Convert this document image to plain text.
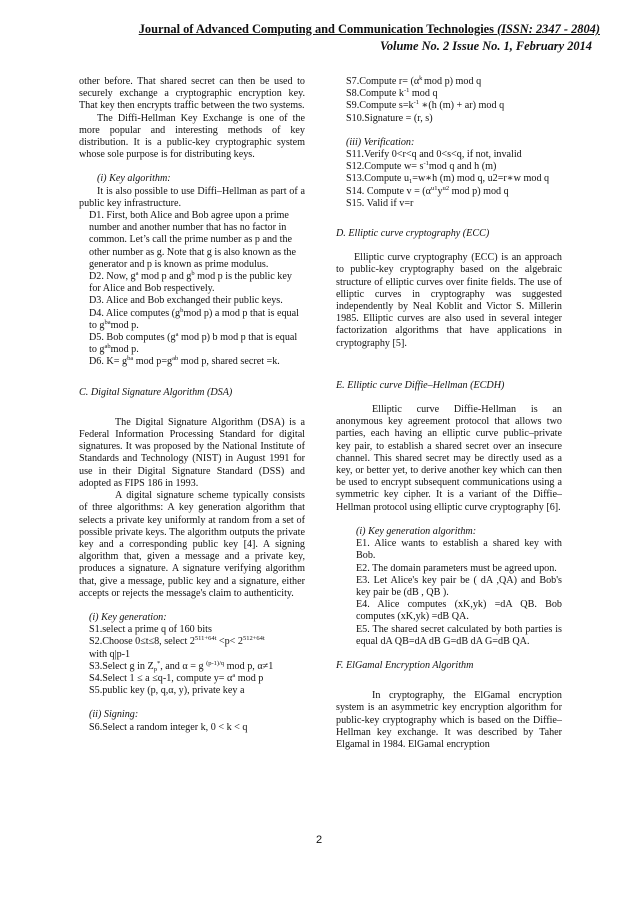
Journal of Advanced Computing and Communication Technologies (ISSN: 2347 - 2804)
Volume No. 2 Issue No. 1, February 2014

other before. That shared secret can then be used to securely exchange a cryptographic encryption key. That key then encrypts traffic between the two systems.

The Diffi-Hellman Key Exchange is one of the more popular and interesting methods of key distribution. It is a public-key cryptographic system whose sole purpose is for distributing keys.

(i) Key algorithm:

It is also possible to use Diffi–Hellman as part of a public key infrastructure.

D1. First, both Alice and Bob agree upon a prime number and another number that has no factor in common. Let’s call the prime number as p and the other number as g. Note that g is also known as the generator and p is known as prime modulus.

D2. Now, $g^a$ mod p and $g^b$ mod p is the public key for Alice and Bob respectively.

D3. Alice and Bob exchanged their public keys.

D4. Alice computes ($g^bmod$ p) a mod p that is equal to $g^{ba}mod$ p.

D5. Bob computes ($g^a$ mod p) b mod p that is equal to $g^{ab}mod$ p.

D6. $K= g^{ba}$ mod $p=g^{ab}$ mod p, shared secret =k.

C. Digital Signature Algorithm (DSA)

The Digital Signature Algorithm (DSA) is a Federal Information Processing Standard for digital signatures. It was proposed by the National Institute of Standards and Technology (NIST) in August 1991 for use in their Digital Signature Standard (DSS) and adopted as FIPS 186 in 1993.

A digital signature scheme typically consists of three algorithms: A key generation algorithm that selects a private key uniformly at random from a set of possible private keys. The algorithm outputs the private key and a corresponding public key [4]. A signing algorithm that, given a message and a private key, produces a signature. A signature verifying algorithm that, give a message, public key and a signature, either accepts or rejects the message's claim to authenticity.

(i) Key generation:

S1.select a prime q of 160 bits

S2.Choose 0≤t≤8, select $2^{511+64t} <p< 2^{512+64t}$
with q|p-1

S3.Select g in $Z_p^*$, and α = g $^{(p-1)/q}$ mod p, α≠1

S4.Select 1 ≤ a ≤q-1, compute $y= \alpha^a$ mod p

S5.public key (p, q,α, y), private key a

(ii) Signing:

S6.Select a random integer k, 0 < k < q

S7.Compute $r= (\alpha^k$ mod p) mod q

S8.Compute $k^{-1}$ mod q

S9.Compute $s=k^{-1}$ ∗(h (m) + ar) mod q

S10.Signature = (r, s)

(iii) Verification:

S11.Verify 0<r<q and 0<s<q, if not, invalid

S12.Compute $w= s^{-1}mod$ q and h (m)

S13.Compute $u_1=w∗h$ (m) mod q, u2=r∗w mod q

S14. Compute $v = (\alpha^{u1}y^{u2}$ mod p) mod q

S15. Valid if v=r

D. Elliptic curve cryptography (ECC)

Elliptic curve cryptography (ECC) is an approach to public-key cryptography based on the algebraic structure of elliptic curves over finite fields. The use of elliptic curves in cryptography was suggested independently by Neal Koblit and Victor S. Millerin 1985. Elliptic curves are also used in several integer factorization algorithms that have applications in cryptography [5].

E. Elliptic curve Diffie–Hellman (ECDH)

Elliptic curve Diffie-Hellman is an anonymous key agreement protocol that allows two parties, each having an elliptic curve public–private key pair, to establish a shared secret over an insecure channel. This shared secret may be directly used as a key, or better yet, to derive another key which can then be used to encrypt subsequent communications using a symmetric key cipher. It is a variant of the Diffie–Hellman protocol using elliptic curve cryptography [6].

(i) Key generation algorithm:

E1. Alice wants to establish a shared key with Bob.

E2. The domain parameters must be agreed upon.

E3. Let Alice's key pair be ( dA ,QA) and Bob's key pair be (dB , QB ).

E4. Alice computes (xK,yk) =dA QB. Bob computes (xK,yk) =dB QA.

E5. The shared secret calculated by both parties is equal dA QB=dA dB G=dB dA G=dB QA.

F. ElGamal Encryption Algorithm

In cryptography, the ElGamal encryption system is an asymmetric key encryption algorithm for public-key cryptography which is based on the Diffie–Hellman key exchange. It was described by Taher Elgamal in 1984. ElGamal encryption

2
